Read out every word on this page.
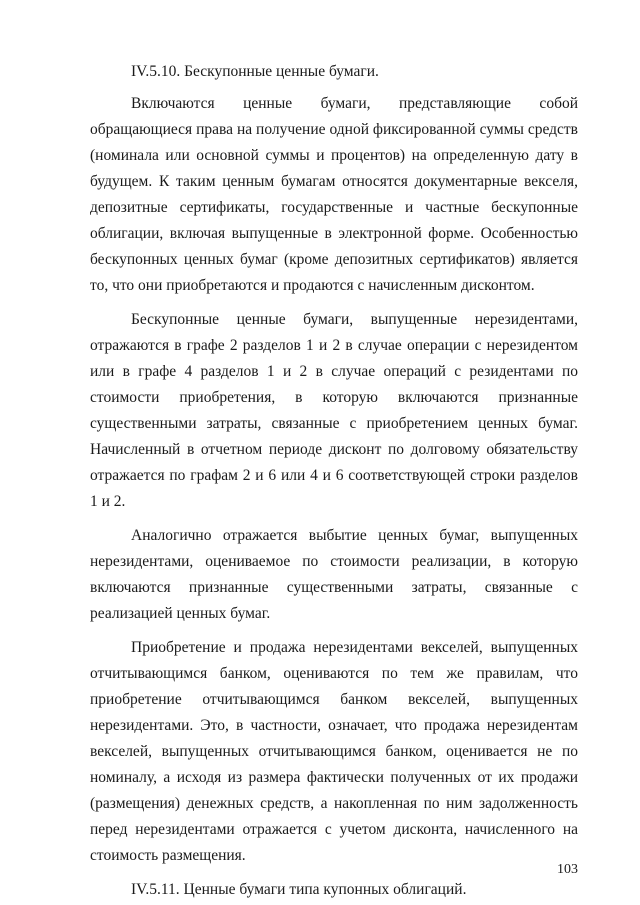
IV.5.10. Бескупонные ценные бумаги.

Включаются ценные бумаги, представляющие собой обращающиеся права на получение одной фиксированной суммы средств (номинала или основной суммы и процентов) на определенную дату в будущем. К таким ценным бумагам относятся документарные векселя, депозитные сертификаты, государственные и частные бескупонные облигации, включая выпущенные в электронной форме. Особенностью бескупонных ценных бумаг (кроме депозитных сертификатов) является то, что они приобретаются и продаются с начисленным дисконтом.

Бескупонные ценные бумаги, выпущенные нерезидентами, отражаются в графе 2 разделов 1 и 2 в случае операции с нерезидентом или в графе 4 разделов 1 и 2 в случае операций с резидентами по стоимости приобретения, в которую включаются признанные существенными затраты, связанные с приобретением ценных бумаг. Начисленный в отчетном периоде дисконт по долговому обязательству отражается по графам 2 и 6 или 4 и 6 соответствующей строки разделов 1 и 2.

Аналогично отражается выбытие ценных бумаг, выпущенных нерезидентами, оцениваемое по стоимости реализации, в которую включаются признанные существенными затраты, связанные с реализацией ценных бумаг.

Приобретение и продажа нерезидентами векселей, выпущенных отчитывающимся банком, оцениваются по тем же правилам, что приобретение отчитывающимся банком векселей, выпущенных нерезидентами. Это, в частности, означает, что продажа нерезидентам векселей, выпущенных отчитывающимся банком, оценивается не по номиналу, а исходя из размера фактически полученных от их продажи (размещения) денежных средств, а накопленная по ним задолженность перед нерезидентами отражается с учетом дисконта, начисленного на стоимость размещения.

IV.5.11. Ценные бумаги типа купонных облигаций.
103
